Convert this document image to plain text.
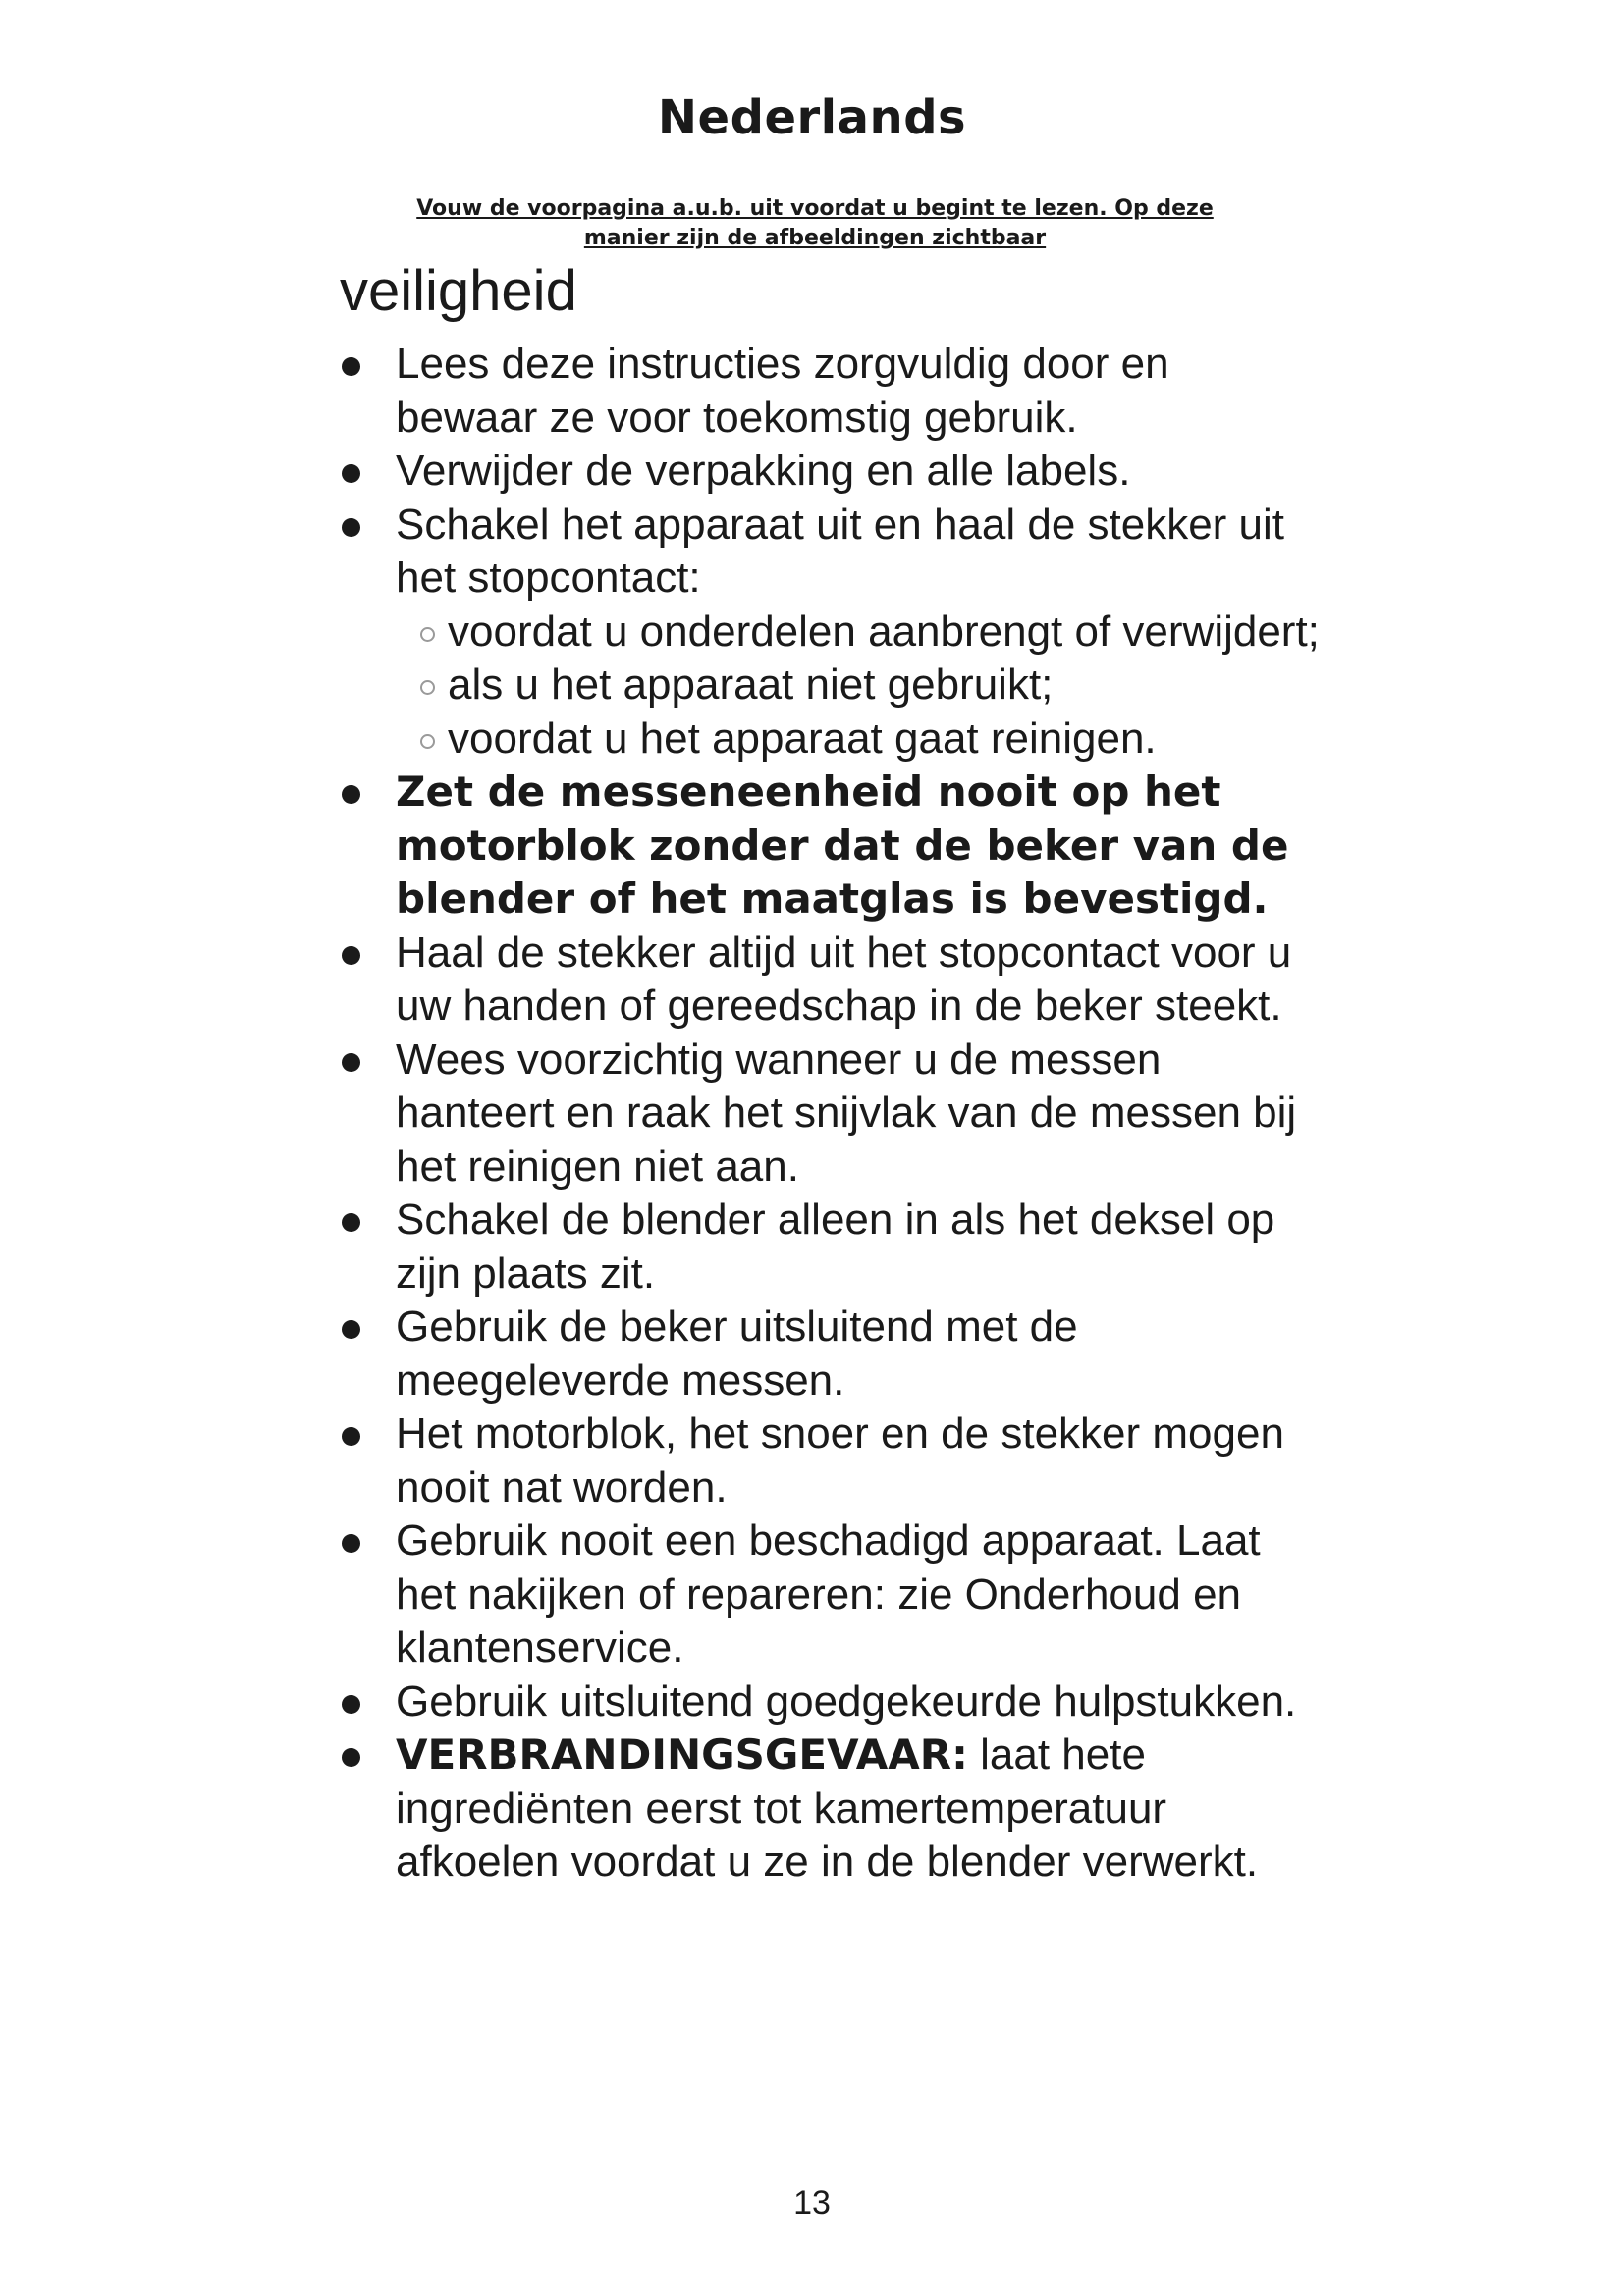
Nederlands

Vouw de voorpagina a.u.b. uit voordat u begint te lezen. Op deze manier zijn de afbeeldingen zichtbaar

veiligheid
Lees deze instructies zorgvuldig door en bewaar ze voor toekomstig gebruik.
Verwijder de verpakking en alle labels.
Schakel het apparaat uit en haal de stekker uit het stopcontact:
voordat u onderdelen aanbrengt of verwijdert;
als u het apparaat niet gebruikt;
voordat u het apparaat gaat reinigen.
Zet de messeneenheid nooit op het motorblok zonder dat de beker van de blender of het maatglas is bevestigd.
Haal de stekker altijd uit het stopcontact voor u uw handen of gereedschap in de beker steekt.
Wees voorzichtig wanneer u de messen hanteert en raak het snijvlak van de messen bij het reinigen niet aan.
Schakel de blender alleen in als het deksel op zijn plaats zit.
Gebruik de beker uitsluitend met de meegeleverde messen.
Het motorblok, het snoer en de stekker mogen nooit nat worden.
Gebruik nooit een beschadigd apparaat. Laat het nakijken of repareren: zie Onderhoud en klantenservice.
Gebruik uitsluitend goedgekeurde hulpstukken.
VERBRANDINGSGEVAAR: laat hete ingrediënten eerst tot kamertemperatuur afkoelen voordat u ze in de blender verwerkt.

13
